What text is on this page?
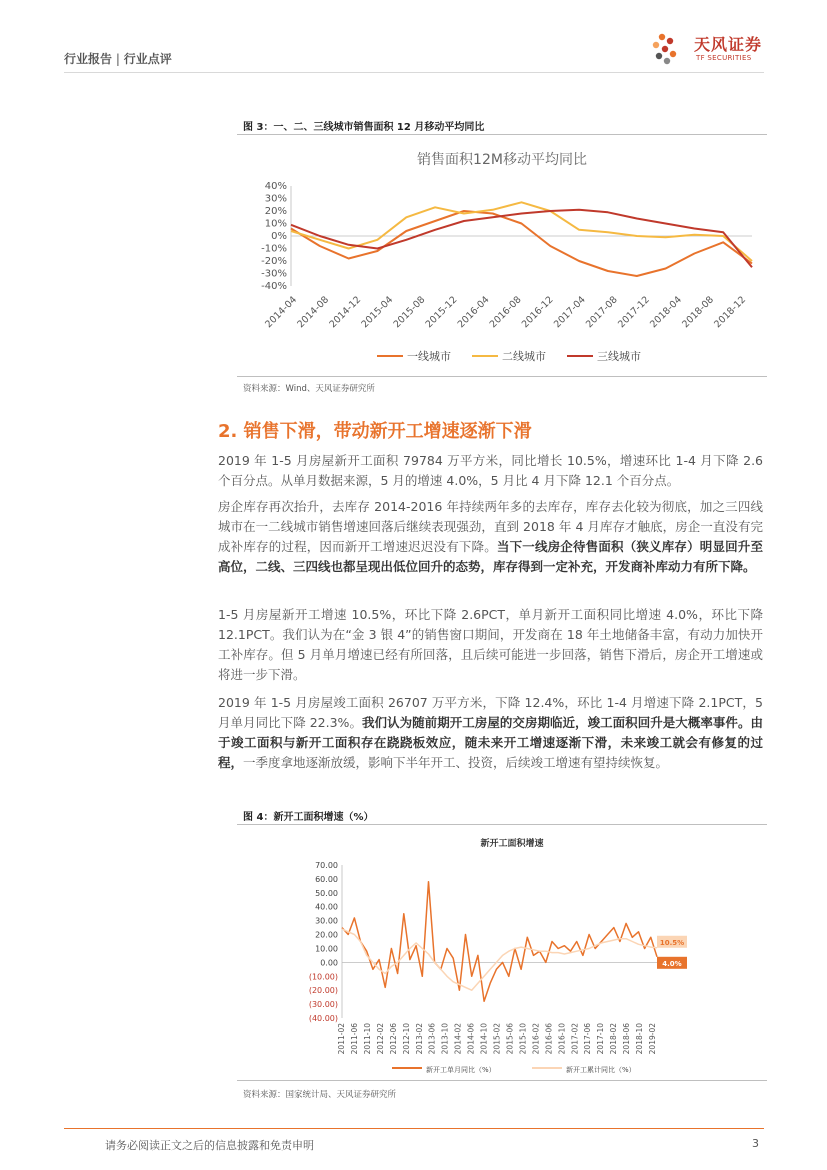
行业报告 | 行业点评
天风证券
TF SECURITIES
图 3：一、二、三线城市销售面积 12 月移动平均同比
销售面积12M移动平均同比
40%
30%
20%
10%
0%
-10%
-20%
-30%
-40%
2014-04
2014-08
2014-12
2015-04
2015-08
2015-12
2016-04
2016-08
2016-12
2017-04
2017-08
2017-12
2018-04
2018-08
2018-12
一线城市	二线城市	三线城市
资料来源：Wind、天风证券研究所
2. 销售下滑，带动新开工增速逐渐下滑
2019 年 1-5 月房屋新开工面积 79784 万平方米，同比增长 10.5%，增速环比 1-4 月下降 2.6 个百分点。从单月数据来源，5 月的增速 4.0%，5 月比 4 月下降 12.1 个百分点。
房企库存再次抬升，去库存 2014-2016 年持续两年多的去库存，库存去化较为彻底，加之三四线城市在一二线城市销售增速回落后继续表现强劲，直到 2018 年 4 月库存才触底，房企一直没有完成补库存的过程，因而新开工增速迟迟没有下降。当下一线房企待售面积（狭义库存）明显回升至高位，二线、三四线也都呈现出低位回升的态势，库存得到一定补充，开发商补库动力有所下降。
1-5 月房屋新开工增速 10.5%，环比下降 2.6PCT，单月新开工面积同比增速 4.0%，环比下降 12.1PCT。我们认为在“金 3 银 4”的销售窗口期间，开发商在 18 年土地储备丰富，有动力加快开工补库存。但 5 月单月增速已经有所回落，且后续可能进一步回落，销售下滑后，房企开工增速或将进一步下滑。
2019 年 1-5 月房屋竣工面积 26707 万平方米，下降 12.4%，环比 1-4 月增速下降 2.1PCT，5 月单月同比下降 22.3%。我们认为随前期开工房屋的交房期临近，竣工面积回升是大概率事件。由于竣工面积与新开工面积存在跷跷板效应，随未来开工增速逐渐下滑，未来竣工就会有修复的过程，一季度拿地逐渐放缓，影响下半年开工、投资，后续竣工增速有望持续恢复。
图 4：新开工面积增速（%）
新开工面积增速
70.00
60.00
50.00
40.00
30.00
20.00
10.00
0.00
(10.00)
(20.00)
(30.00)
(40.00)
2011-02 2011-06 2011-10 2012-02 2012-06 2012-10 2013-02 2013-06 2013-10 2014-02 2014-06 2014-10 2015-02 2015-06 2015-10 2016-02 2016-06 2016-10 2017-02 2017-06 2017-10 2018-02 2018-06 2018-10 2019-02
10.5%
4.0%
新开工单月同比（%）	新开工累计同比（%）
资料来源：国家统计局、天风证券研究所
请务必阅读正文之后的信息披露和免责申明	3
